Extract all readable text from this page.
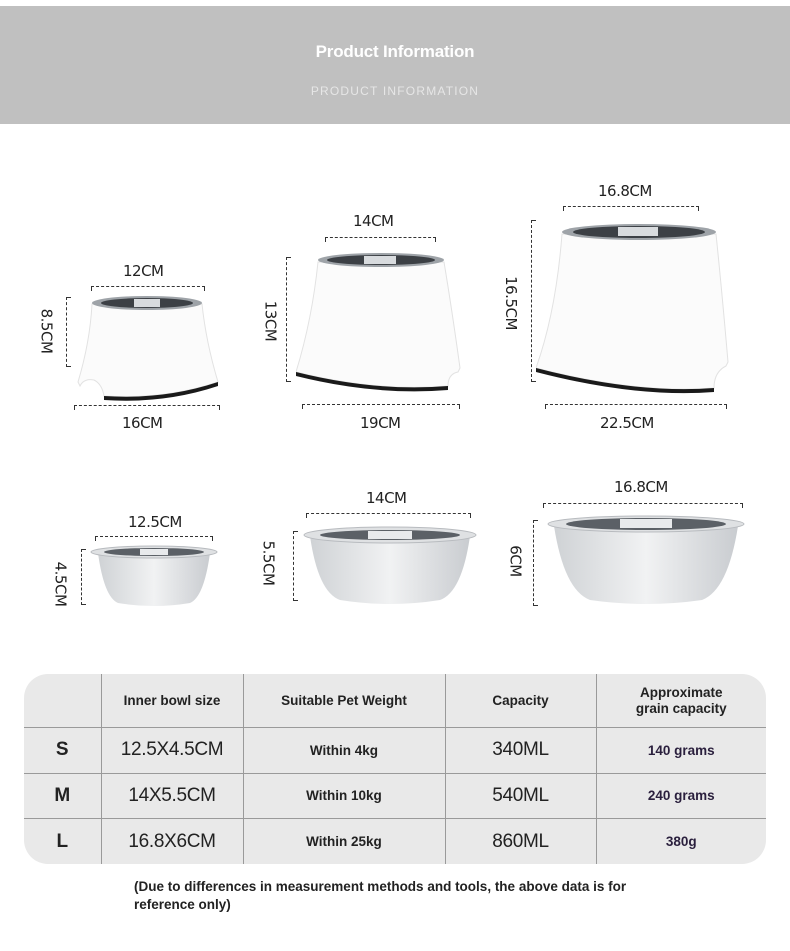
Product Information
PRODUCT INFORMATION
12CM
8.5CM
16CM
14CM
13CM
19CM
16.8CM
16.5CM
22.5CM
12.5CM
4.5CM
14CM
5.5CM
16.8CM
6CM
	Inner bowl size	Suitable Pet Weight	Capacity	Approximate
grain capacity
S	12.5X4.5CM	Within 4kg	340ML	140 grams
M	14X5.5CM	Within 10kg	540ML	240 grams
L	16.8X6CM	Within 25kg	860ML	380g
(Due to differences in measurement methods and tools, the above data is for reference only)
